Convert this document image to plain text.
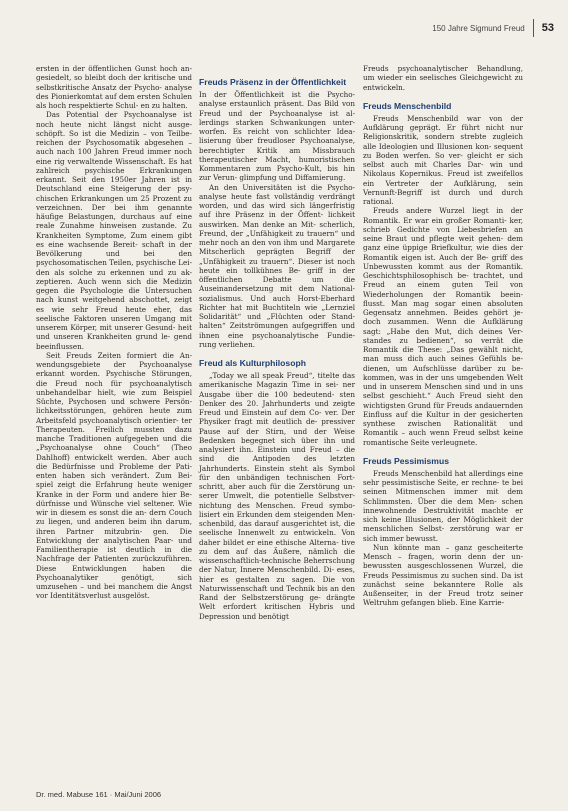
150 Jahre Sigmund Freud 53

ersten in der öffentlichen Gunst hoch an- gesiedelt, so bleibt doch der kritische und selbstkritische Ansatz der Psycho- analyse des Pionierkomtat auf dem ersten Schulen als hoch respektierte Schul- en zu halten.

Das Potential der Psychoanalyse ist noch heute nicht längst nicht ausge- schöpft. So ist die Medizin – von Teilbe- reichen der Psychosomatik abgesehen – auch nach 100 Jahren Freud immer noch eine rig verwaltende Wissenschaft. Es hat zahlreich psychische Erkrankungen erkannt. Seit den 1950er Jahren ist in Deutschland eine Steigerung der psy- chischen Erkrankungen um 25 Prozent zu verzeichnen. Der bei ihm genannte häufige Belastungen, durchaus auf eine reale Zunahme hinweisen zustande. Zu Krankheiten Symptome, Zum einem gibt es eine wachsende Bereit- schaft in der Bevölkerung und bei den psychosomatischen Teilen, psychische Lei- den als solche zu erkennen und zu ak- zeptieren. Auch wenn sich die Medizin gegen die Psychologie die Untersuchen nach kunst weitgehend abschottet, zeigt es wie sehr Freud heute eher, das seelische Faktoren unseren Umgang mit unserem Körper, mit unserer Gesund- heit und unseren Krankheiten grund le- gend beeinflussen.

Seit Freuds Zeiten formiert die An- wendungsgebiete der Psychoanalyse erkannt worden. Psychische Störungen, die Freud noch für psychoanalytisch unbehandelbar hielt, wie zum Beispiel Süchte, Psychosen und schwere Persön- lichkeitsstörungen, gehören heute zum Arbeitsfeld psychoanalytisch orientier- ter Therapeuten. Freilich mussten dazu manche Traditionen aufgegeben und die „Psychoanalyse ohne Couch“ (Theo Dahlhoff) entwickelt werden. Aber auch die Bedürfnisse und Probleme der Pati- enten haben sich verändert. Zum Bei- spiel zeigt die Erfahrung heute weniger Kranke in der Form und andere hier Be- dürfnisse und Wünsche viel seltener. Wie wir in diesem es sonst die an- dern Couch zu liegen, und anderen beim ihn darum, ihren Partner mitzubrin- gen. Die Entwicklung der analytischen Paar- und Familientherapie ist deutlich in die Nachfrage der Patienten zurückzuführen. Diese Entwicklungen haben die Psychoanalytiker genötigt, sich umzusehen – und bei manchem die Angst vor Identitätsverlust ausgelöst.

Freuds Präsenz in der Öffentlichkeit

In der Öffentlichkeit ist die Psycho- analyse erstaunlich präsent. Das Bild von Freud und der Psychoanalyse ist al- lerdings starken Schwankungen unter- worfen. Es reicht von schlichter Idea- lisierung über freudloser Psychoanalyse, berechtigter Kritik am Missbrauch therapeutischer Macht, humoristischen Kommentaren zum Psycho-Kult, bis hin zur Verun- glimpfung und Diffamierung.

An den Universitäten ist die Psycho- analyse heute fast vollständig verdrängt worden, und das wird sich längerfristig auf ihre Präsenz in der Öffent- lichkeit auswirken. Man denke an Mit- scherlich, Freund, der „Unfähigkeit zu trauern“ und mehr noch an den von ihm und Margarete Mitscherlich geprägten Begriff der „Unfähigkeit zu trauern“. Dieser ist noch heute ein tollkühnes Be- griff in der öffentlichen Debatte um die Auseinandersetzung mit dem National- sozialismus. Und auch Horst-Eberhard Richter hat mit Buchtiteln wie „Lernziel Solidarität“ und „Flüchten oder Stand- halten“ Zeitströmungen aufgegriffen und ihnen eine psychoanalytische Fundie- rung verliehen.

Freud als Kulturphilosoph

„Today we all speak Freud“, titelte das amerikanische Magazin Time in sei- ner Ausgabe über die 100 bedeutend- sten Denker des 20. Jahrhunderts und zeigte Freud und Einstein auf dem Co- ver. Der Physiker fragt mit deutlich de- pressiver Pause auf der Stirn, und der Weise Bedenken begegnet sich über ihn und analysiert ihn. Einstein und Freud – die sind die Antipoden des letzten Jahrhunderts. Einstein steht als Symbol für den unbändigen technischen Fort- schritt, aber auch für die Zerstörung un- serer Umwelt, die potentielle Selbstver- nichtung des Menschen. Freud symbo- lisiert ein Erkunden dem steigenden Men- schenbild, das darauf ausgerichtet ist, die seelische Innenwelt zu entwickeln. Von daher bildet er eine ethische Alterna- tive zu dem auf das Äußere, nämlich die wissenschaftlich-technische Beherrschung der Natur, Innere Menschenbild. Di- eses, hier es gestalten zu sagen. Die von Naturwissenschaft und Technik bis an den Rand der Selbstzerstörung ge- drängte Welt erfordert kritischen Hybris und Depression und benötigt

Freuds psychoanalytischer Behandlung, um wieder ein seelisches Gleichgewicht zu entwickeln.

Freuds Menschenbild

Freuds Menschenbild war von der Aufklärung geprägt. Er führt nicht nur Religionskritik, sondern strebte zugleich alle Ideologien und Illusionen kon- sequent zu Boden werfen. So ver- gleicht er sich selbst auch mit Charles Dar- win und Nikolaus Kopernikus. Freud ist zweifellos ein Vertreter der Aufklärung, sein Vernunft-Begriff ist durch und durch rational.

Freuds andere Wurzel liegt in der Romantik. Er war ein großer Romanti- ker, schrieb Gedichte von Liebesbriefen an seine Braut und pflegte weit gehen- dem ganz eine üppige Briefkultur, wie dies der Romantik eigen ist. Auch der Be- griff des Unbewussten kommt aus der Romantik. Geschichtsphilosophisch be- trachtet, und Freud an einem guten Teil von Wiederholungen der Romantik beein- flusst. Man mag sogar einen absoluten Gegensatz annehmen. Beides gehört je- doch zusammen. Wenn die Aufklärung sagt: „Habe den Mut, dich deines Ver- standes zu bedienen“, so verrät die Romantik die These: „Das gewählt nicht, man muss dich auch seines Gefühls be- dienen, um Aufschlüsse darüber zu be- kommen, was in der uns umgebenden Welt und in unserem Menschen sind und in uns selbst geschieht.“ Auch Freud sieht den wichtigsten Grund für Freuds andauernden Einfluss auf die Kultur in der gesicherten synthese zwischen Rationalität und Romantik – auch wenn Freud selbst keine romantische Seite verleugnete.

Freuds Pessimismus

Freuds Menschenbild hat allerdings eine sehr pessimistische Seite, er rechne- te bei seinen Mitmenschen immer mit dem Schlimmsten. Über die dem Men- schen innewohnende Destruktivität machte er sich keine Illusionen, der Möglichkeit der menschlichen Selbst- zerstörung war er sich immer bewusst.

Nun könnte man – ganz gescheiterte Mensch – fragen, worin denn der un- bewussten ausgeschlossenen Wurzel, die Freuds Pessimismus zu suchen sind. Da ist zunächst seine bekanntere Rolle als Außenseiter, in der Freud trotz seiner Weltruhm gefangen blieb. Eine Karrie-

Dr. med. Mabuse 161 · Mai/Juni 2006
